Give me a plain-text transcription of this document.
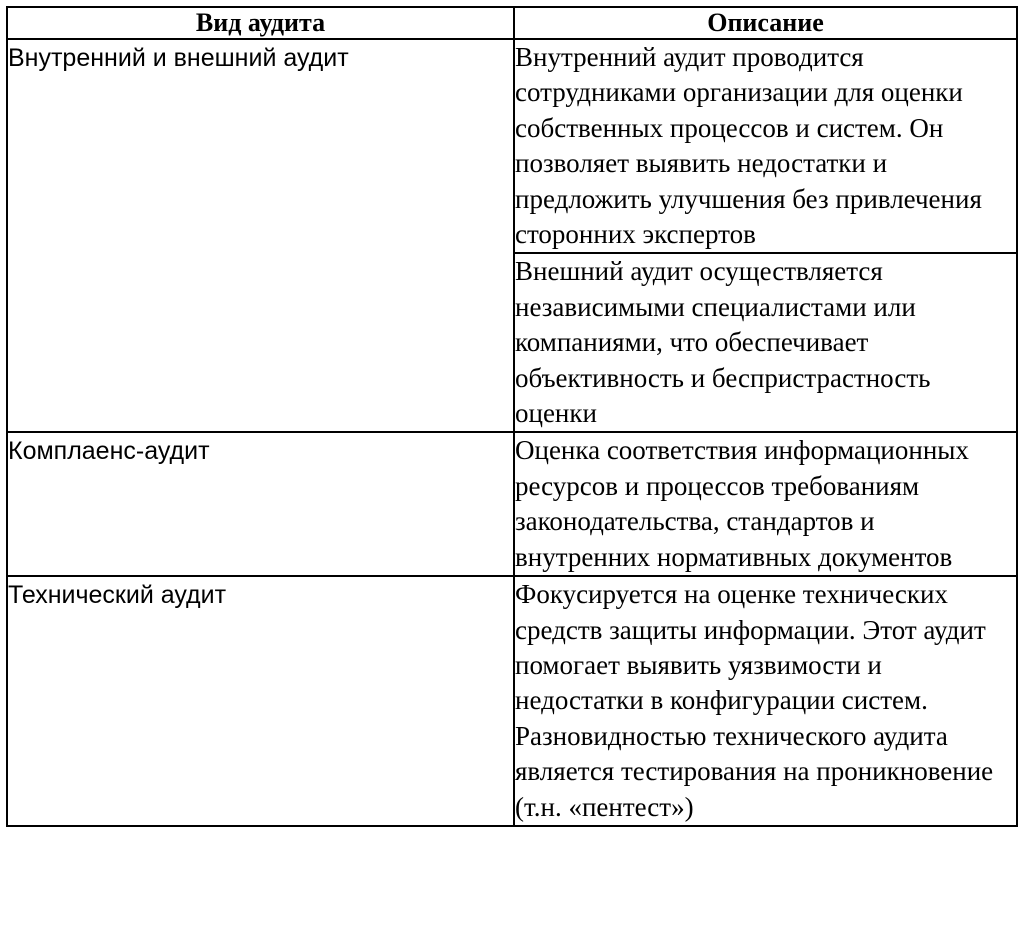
Вид аудита	Описание

Внутренний и внешний аудит	Внутренний аудит проводится сотрудниками организации для оценки собственных процессов и систем. Он позволяет выявить недостатки и предложить улучшения без привлечения сторонних экспертов

	Внешний аудит осуществляется независимыми специалистами или компаниями, что обеспечивает объективность и беспристрастность оценки

Комплаенс-аудит	Оценка соответствия информационных ресурсов и процессов требованиям законодательства, стандартов и внутренних нормативных документов

Технический аудит	Фокусируется на оценке технических средств защиты информации. Этот аудит помогает выявить уязвимости и недостатки в конфигурации систем. Разновидностью технического аудита является тестирования на проникновение (т.н. «пентест»)
